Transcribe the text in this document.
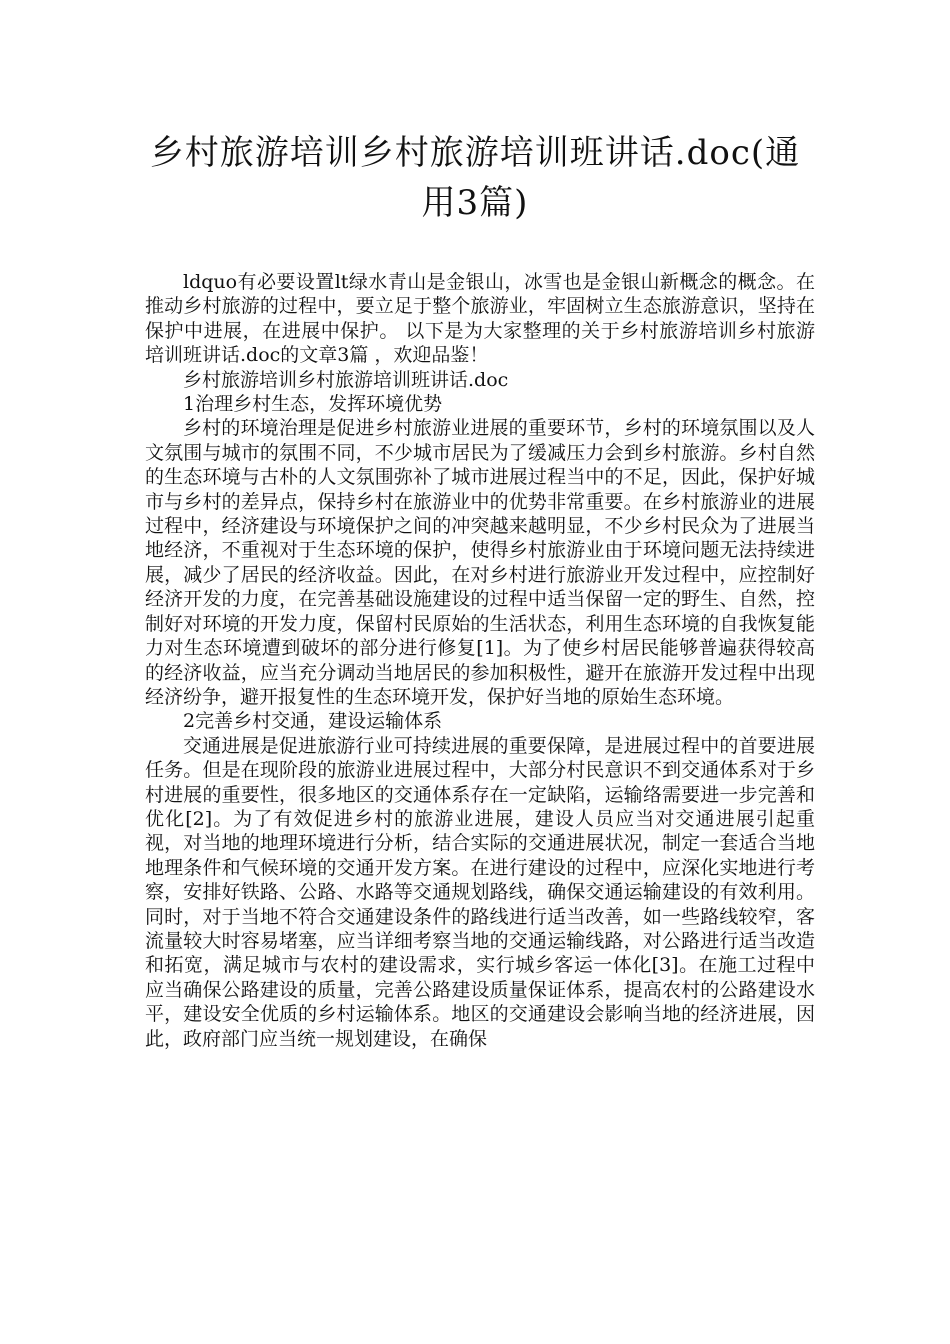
乡村旅游培训乡村旅游培训班讲话.doc(通用3篇)

ldquo有必要设置lt绿水青山是金银山，冰雪也是金银山新概念的概念。在推动乡村旅游的过程中，要立足于整个旅游业，牢固树立生态旅游意识，坚持在保护中进展，在进展中保护。 以下是为大家整理的关于乡村旅游培训乡村旅游培训班讲话.doc的文章3篇 ，欢迎品鉴！

乡村旅游培训乡村旅游培训班讲话.doc

1治理乡村生态，发挥环境优势

乡村的环境治理是促进乡村旅游业进展的重要环节，乡村的环境氛围以及人文氛围与城市的氛围不同，不少城市居民为了缓减压力会到乡村旅游。乡村自然的生态环境与古朴的人文氛围弥补了城市进展过程当中的不足，因此，保护好城市与乡村的差异点，保持乡村在旅游业中的优势非常重要。在乡村旅游业的进展过程中，经济建设与环境保护之间的冲突越来越明显，不少乡村民众为了进展当地经济，不重视对于生态环境的保护，使得乡村旅游业由于环境问题无法持续进展，减少了居民的经济收益。因此，在对乡村进行旅游业开发过程中，应控制好经济开发的力度，在完善基础设施建设的过程中适当保留一定的野生、自然，控制好对环境的开发力度，保留村民原始的生活状态，利用生态环境的自我恢复能力对生态环境遭到破坏的部分进行修复[1]。为了使乡村居民能够普遍获得较高的经济收益，应当充分调动当地居民的参加积极性，避开在旅游开发过程中出现经济纷争，避开报复性的生态环境开发，保护好当地的原始生态环境。

2完善乡村交通，建设运输体系

交通进展是促进旅游行业可持续进展的重要保障，是进展过程中的首要进展任务。但是在现阶段的旅游业进展过程中，大部分村民意识不到交通体系对于乡村进展的重要性，很多地区的交通体系存在一定缺陷，运输络需要进一步完善和优化[2]。为了有效促进乡村的旅游业进展，建设人员应当对交通进展引起重视，对当地的地理环境进行分析，结合实际的交通进展状况，制定一套适合当地地理条件和气候环境的交通开发方案。在进行建设的过程中，应深化实地进行考察，安排好铁路、公路、水路等交通规划路线，确保交通运输建设的有效利用。同时，对于当地不符合交通建设条件的路线进行适当改善，如一些路线较窄，客流量较大时容易堵塞，应当详细考察当地的交通运输线路，对公路进行适当改造和拓宽，满足城市与农村的建设需求，实行城乡客运一体化[3]。在施工过程中应当确保公路建设的质量，完善公路建设质量保证体系，提高农村的公路建设水平，建设安全优质的乡村运输体系。地区的交通建设会影响当地的经济进展，因此，政府部门应当统一规划建设，在确保
